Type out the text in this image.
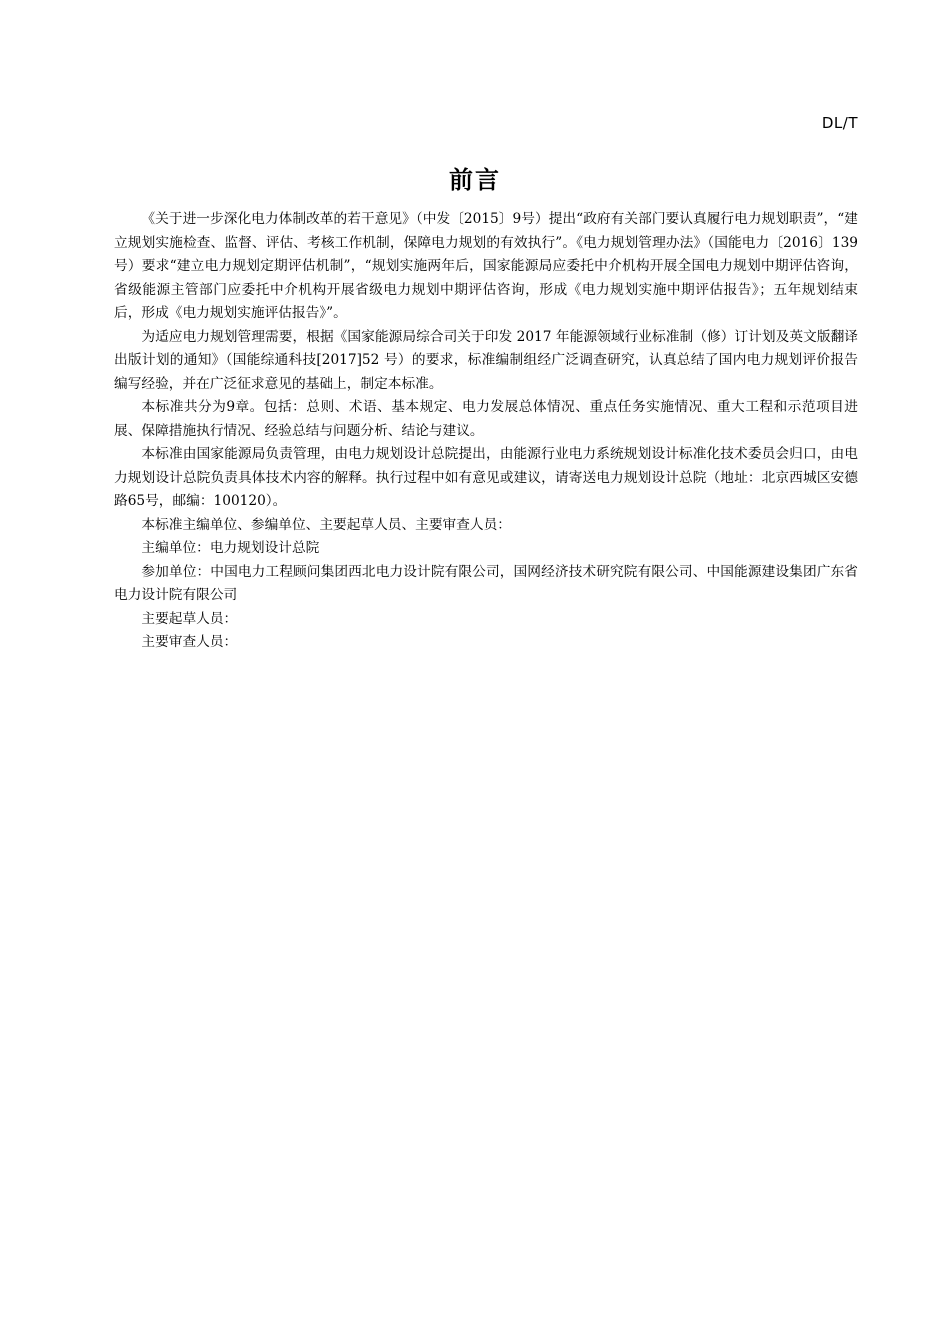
DL/T
前言

《关于进一步深化电力体制改革的若干意见》（中发〔2015〕9号）提出“政府有关部门要认真履行电力规划职责”，“建立规划实施检查、监督、评估、考核工作机制，保障电力规划的有效执行”。《电力规划管理办法》（国能电力〔2016〕139号）要求“建立电力规划定期评估机制”，“规划实施两年后，国家能源局应委托中介机构开展全国电力规划中期评估咨询，省级能源主管部门应委托中介机构开展省级电力规划中期评估咨询，形成《电力规划实施中期评估报告》；五年规划结束后，形成《电力规划实施评估报告》”。

为适应电力规划管理需要，根据《国家能源局综合司关于印发 2017 年能源领域行业标准制（修）订计划及英文版翻译出版计划的通知》（国能综通科技[2017]52 号）的要求，标准编制组经广泛调查研究，认真总结了国内电力规划评价报告编写经验，并在广泛征求意见的基础上，制定本标准。

本标准共分为9章。包括：总则、术语、基本规定、电力发展总体情况、重点任务实施情况、重大工程和示范项目进展、保障措施执行情况、经验总结与问题分析、结论与建议。

本标准由国家能源局负责管理，由电力规划设计总院提出，由能源行业电力系统规划设计标准化技术委员会归口，由电力规划设计总院负责具体技术内容的解释。执行过程中如有意见或建议，请寄送电力规划设计总院（地址：北京西城区安德路65号，邮编：100120）。

本标准主编单位、参编单位、主要起草人员、主要审查人员：

主编单位：电力规划设计总院

参加单位：中国电力工程顾问集团西北电力设计院有限公司，国网经济技术研究院有限公司、中国能源建设集团广东省电力设计院有限公司

主要起草人员：

主要审查人员：
